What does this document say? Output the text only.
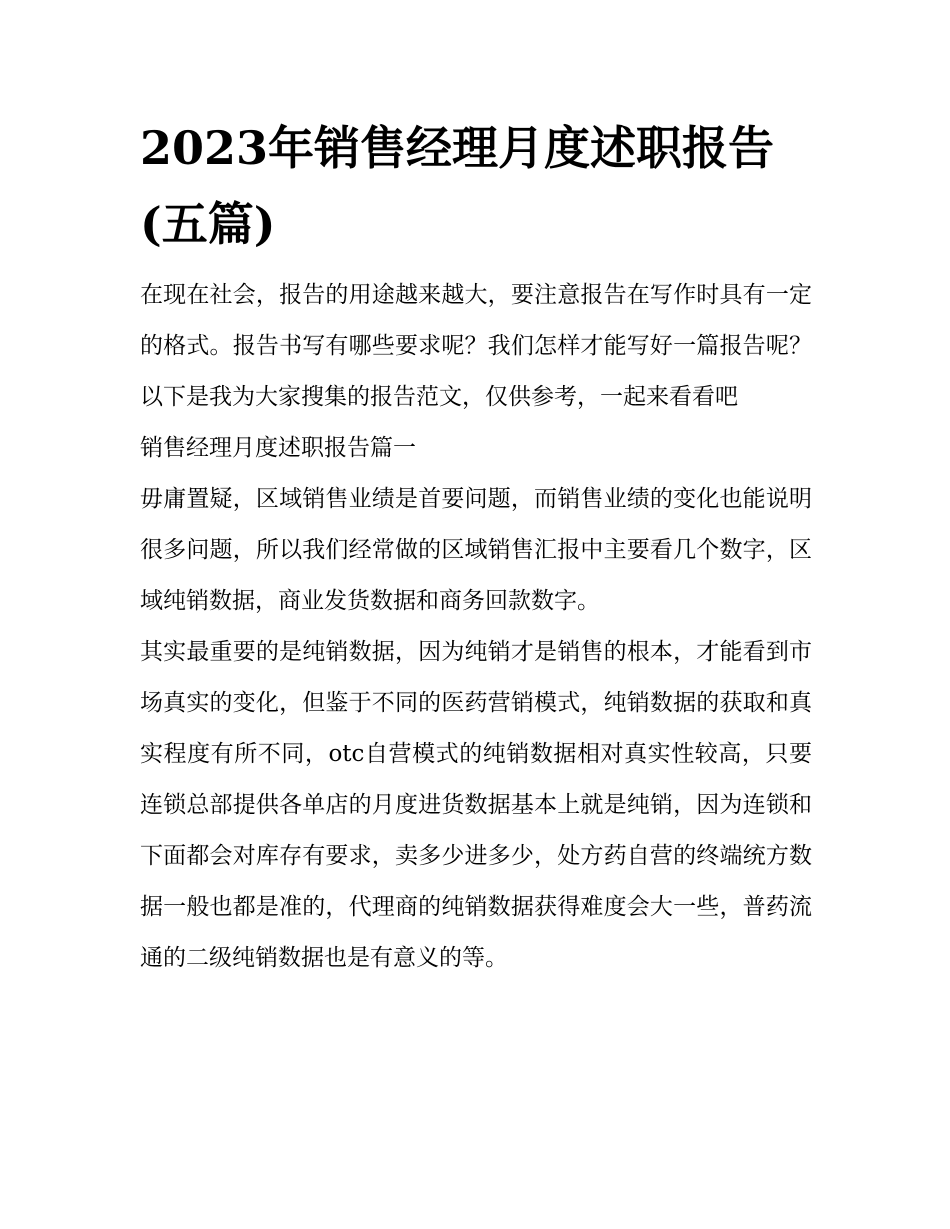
2023年销售经理月度述职报告(五篇)

在现在社会，报告的用途越来越大，要注意报告在写作时具有一定的格式。报告书写有哪些要求呢？我们怎样才能写好一篇报告呢？以下是我为大家搜集的报告范文，仅供参考，一起来看看吧

销售经理月度述职报告篇一

毋庸置疑，区域销售业绩是首要问题，而销售业绩的变化也能说明很多问题，所以我们经常做的区域销售汇报中主要看几个数字，区域纯销数据，商业发货数据和商务回款数字。

其实最重要的是纯销数据，因为纯销才是销售的根本，才能看到市场真实的变化，但鉴于不同的医药营销模式，纯销数据的获取和真实程度有所不同，otc自营模式的纯销数据相对真实性较高，只要连锁总部提供各单店的月度进货数据基本上就是纯销，因为连锁和下面都会对库存有要求，卖多少进多少，处方药自营的终端统方数据一般也都是准的，代理商的纯销数据获得难度会大一些，普药流通的二级纯销数据也是有意义的等。
